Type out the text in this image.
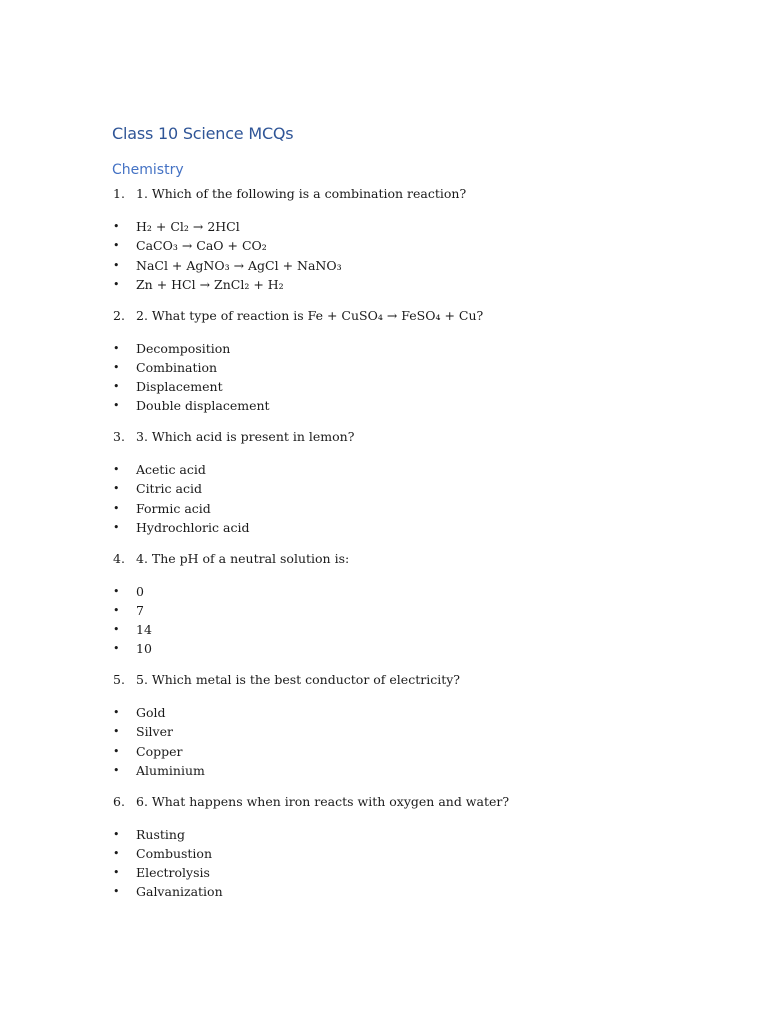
Class 10 Science MCQs
Chemistry
1. 1. Which of the following is a combination reaction?
• H₂ + Cl₂ → 2HCl
• CaCO₃ → CaO + CO₂
• NaCl + AgNO₃ → AgCl + NaNO₃
• Zn + HCl → ZnCl₂ + H₂
2. 2. What type of reaction is Fe + CuSO₄ → FeSO₄ + Cu?
• Decomposition
• Combination
• Displacement
• Double displacement
3. 3. Which acid is present in lemon?
• Acetic acid
• Citric acid
• Formic acid
• Hydrochloric acid
4. 4. The pH of a neutral solution is:
• 0
• 7
• 14
• 10
5. 5. Which metal is the best conductor of electricity?
• Gold
• Silver
• Copper
• Aluminium
6. 6. What happens when iron reacts with oxygen and water?
• Rusting
• Combustion
• Electrolysis
• Galvanization
